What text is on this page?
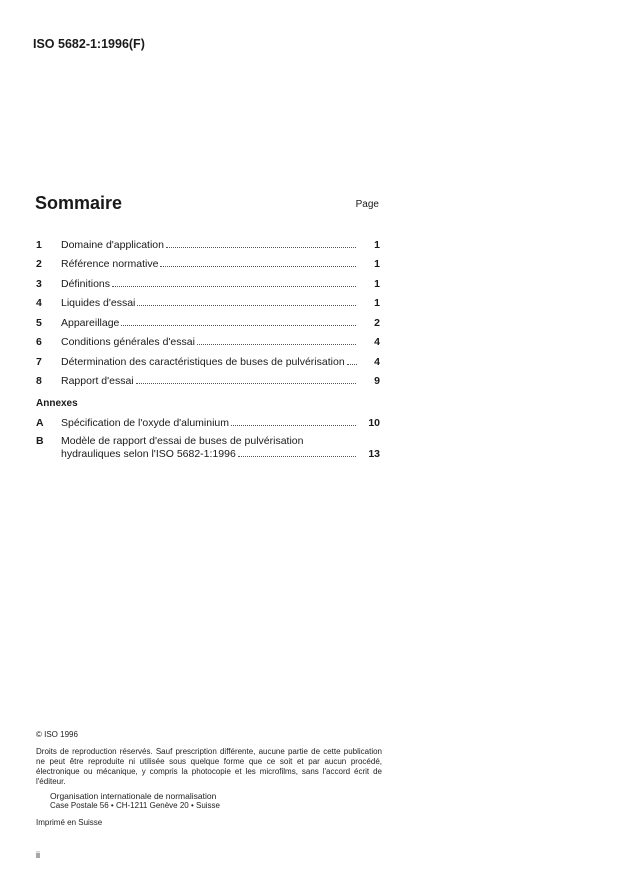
ISO 5682-1:1996(F)
Sommaire	Page
1	Domaine d'application	1
2	Référence normative	1
3	Définitions	1
4	Liquides d'essai	1
5	Appareillage	2
6	Conditions générales d'essai	4
7	Détermination des caractéristiques de buses de pulvérisation	4
8	Rapport d'essai	9
Annexes
A	Spécification de l'oxyde d'aluminium	10
B	Modèle de rapport d'essai de buses de pulvérisation
hydrauliques selon l'ISO 5682-1:1996	13
© ISO 1996
Droits de reproduction réservés. Sauf prescription différente, aucune partie de cette publication ne peut être reproduite ni utilisée sous quelque forme que ce soit et par aucun procédé, électronique ou mécanique, y compris la photocopie et les microfilms, sans l'accord écrit de l'éditeur.
Organisation internationale de normalisation
Case Postale 56 • CH-1211 Genève 20 • Suisse
Imprimé en Suisse
ii
